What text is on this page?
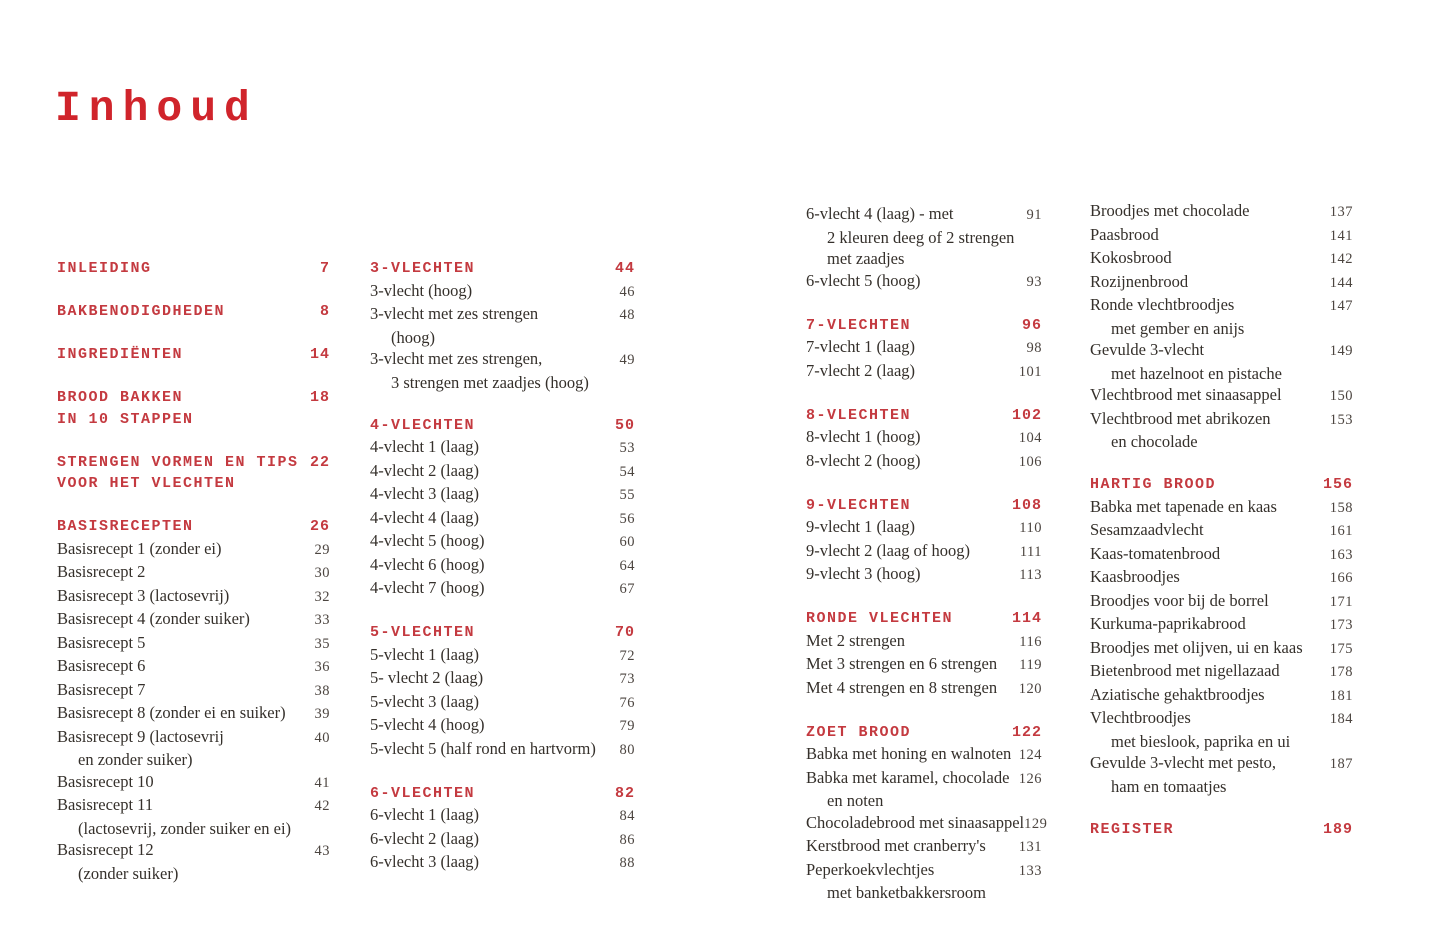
Inhoud
INLEIDING	7
BAKBENODIGDHEDEN	8
INGREDIËNTEN	14
BROOD BAKKEN	18
IN 10 STAPPEN
STRENGEN VORMEN EN TIPS 22
VOOR HET VLECHTEN
BASISRECEPTEN	26
Basisrecept 1 (zonder ei)	29
Basisrecept 2	30
Basisrecept 3 (lactosevrij)	32
Basisrecept 4 (zonder suiker)	33
Basisrecept 5	35
Basisrecept 6	36
Basisrecept 7	38
Basisrecept 8 (zonder ei en suiker) 39
Basisrecept 9 (lactosevrij	40
en zonder suiker)
Basisrecept 10	41
Basisrecept 11	42
(lactosevrij, zonder suiker en ei)
Basisrecept 12	43
(zonder suiker)
3-VLECHTEN	44
3-vlecht (hoog)	46
3-vlecht met zes strengen	48
(hoog)
3-vlecht met zes strengen,	49
3 strengen met zaadjes (hoog)
4-VLECHTEN	50
4-vlecht 1 (laag)	53
4-vlecht 2 (laag)	54
4-vlecht 3 (laag)	55
4-vlecht 4 (laag)	56
4-vlecht 5 (hoog)	60
4-vlecht 6 (hoog)	64
4-vlecht 7 (hoog)	67
5-VLECHTEN	70
5-vlecht 1 (laag)	72
5- vlecht 2 (laag)	73
5-vlecht 3 (laag)	76
5-vlecht 4 (hoog)	79
5-vlecht 5 (half rond en hartvorm) 80
6-VLECHTEN	82
6-vlecht 1 (laag)	84
6-vlecht 2 (laag)	86
6-vlecht 3 (laag)	88
6-vlecht 4 (laag) - met	91
2 kleuren deeg of 2 strengen
met zaadjes
6-vlecht 5 (hoog)	93
7-VLECHTEN	96
7-vlecht 1 (laag)	98
7-vlecht 2 (laag)	101
8-VLECHTEN	102
8-vlecht 1 (hoog)	104
8-vlecht 2 (hoog)	106
9-VLECHTEN	108
9-vlecht 1 (laag)	110
9-vlecht 2 (laag of hoog)	111
9-vlecht 3 (hoog)	113
RONDE VLECHTEN	114
Met 2 strengen	116
Met 3 strengen en 6 strengen 119
Met 4 strengen en 8 strengen 120
ZOET BROOD	122
Babka met honing en walnoten 124
Babka met karamel, chocolade 126
en noten
Chocoladebrood met sinaasappel 129
Kerstbrood met cranberry's 131
Peperkoekvlechtjes	133
met banketbakkersroom
Broodjes met chocolade	137
Paasbrood	141
Kokosbrood	142
Rozijnenbrood	144
Ronde vlechtbroodjes	147
met gember en anijs
Gevulde 3-vlecht	149
met hazelnoot en pistache
Vlechtbrood met sinaasappel	150
Vlechtbrood met abrikozen	153
en chocolade
HARTIG BROOD	156
Babka met tapenade en kaas	158
Sesamzaadvlecht	161
Kaas-tomatenbrood	163
Kaasbroodjes	166
Broodjes voor bij de borrel	171
Kurkuma-paprikabrood	173
Broodjes met olijven, ui en kaas 175
Bietenbrood met nigellazaad	178
Aziatische gehaktbroodjes	181
Vlechtbroodjes	184
met bieslook, paprika en ui
Gevulde 3-vlecht met pesto,	187
ham en tomaatjes
REGISTER	189
